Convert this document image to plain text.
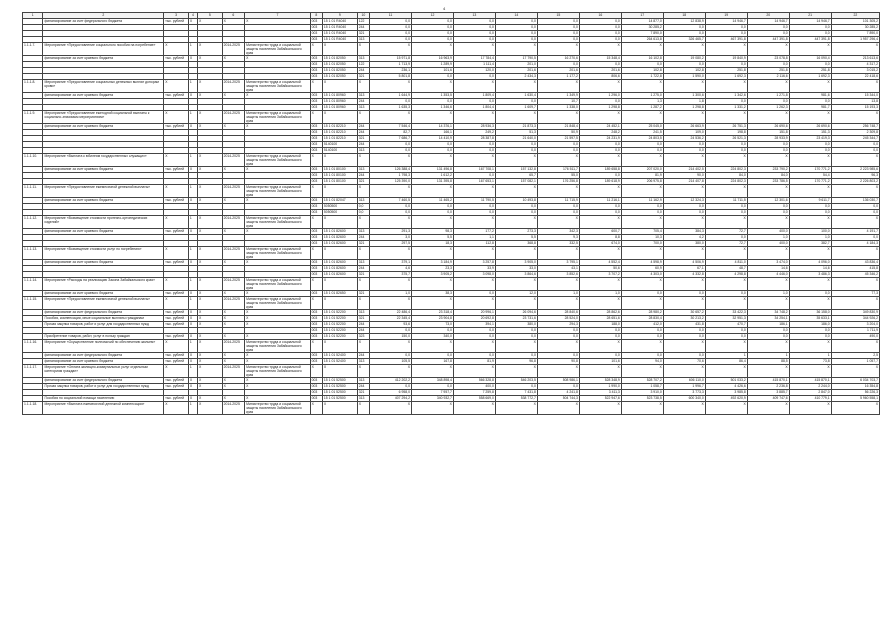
4
1	2	3	4	5	6	7	8	9	10	11	12	13	14	15	16	17	18	19	20	21	22
	финансирование за счет федерального бюджета	тыс. рублей	X	X	X	X	003	15 1 01 R4040	122	0,0	0,0	0,0	0,0	0,0	0,0	14 877,0	12 838,9	14 946,7	14 946,7	14 946,7	101 305,2
							003	15 1 01 R4040	244	0,0	0,0	0,0	0,0	0,0	0,0	30 285,2	0,0	0,0	0,0	0,0	30 285,2
							003	15 1 01 R4040	321	0,0	0,0	0,0	0,0	0,0	0,0	7 890,0	0,0	0,0	0,0	0,0	7 890,0
							003	15 1 01 R4040	313	0,0	0,0	0,0	0,0	0,0	0,0	264 613,8	326 465,7	467 391,8	447 391,8	447 391,8	1 957 296,4
1.1.1.7.	Мероприятие «Предоставление социального пособия на погребение»	X	1	X	2014-2025	Министерство труда и социальной защиты населения Забайкальского края	X	X	X	X	X	X	X	X	X	X	X	X	X	X	X
	финансирование за счет краевого бюджета	тыс. рублей	X	X	X	X	003	15 1 01 82050	313	15 971,8	16 963,9	17 784,4	17 790,5	16 270,6	15 348,4	16 102,8	19 080,2	19 840,9	23 078,8	16 090,4	213 613,6
							003	15 1 01 82050	122	1 713,9	1 289,9	1 111,4	201,0	0,0	0,0	0,0	0,0	0,0	0,0	0,0	4 317,2
							003	15 1 01 82050	244	236,1	101,6	120,0	201,6	201,6	201,6	102,8	102,8	251,8	251,8	251,8	3 015,2
							003	15 1 01 82050	321	5 801,8	0,0	0,0	2 434,3	1 177,2	806,6	1 722,8	1 590,0	1 692,3	2 116,6	1 692,3	22 418,6
1.1.1.8.	Мероприятие «Предоставление социальных денежных выплат донорам крови»	X	1	X	2014-2025	Министерство труда и социальной защиты населения Забайкальского края	X	X	X	X	X	X	X	X	X	X	X	X	X	X	X
	финансирование за счет краевого бюджета	тыс. рублей	X	X	X	X	003	15 1 01 80960	313	1 644,9	1 353,5	1 809,4	1 630,4	1 349,9	1 296,0	1 275,0	1 300,6	1 342,6	1 271,8	981,6	15 344,0
							003	15 1 01 80960	244	0,0	0,0	0,0	0,0	10,7	0,0	1,3	1,8	0,0	0,0	0,0	13,8
							003	15 1 01 80960	313	1 635,3	1 346,6	1 804,4	1 609,7	1 338,0	1 298,8	1 287,2	1 298,8	1 331,2	1 262,3	981,7	15 193,3
1.1.1.9.	Мероприятие «Предоставление ежегодной социальной выплаты к социально-значимым мероприятиям»	X	1	X	2014-2025	Министерство труда и социальной защиты населения Забайкальского края	X	X	X	X	X	X	X	X	X	X	X	X	X	X	X
	финансирование за счет краевого бюджета	тыс. рублей	X	X	X	X	003	15 1 01 82210	244	7 546,4	14 376,1	28 936,3	21 873,3	21 848,4	24 452,1	25 045,0	26 663,9	26 751,3	26 690,6	26 690,6	256 748,7
							003	15 1 01 82210	244	82,7	166,1	249,2	51,3	50,9	248,2	241,5	109,0	198,8	151,8	151,3	2 309,8
							003	15 1 01 82210	321	7 686,7	14 410,9	28 387,8	21 640,0	21 597,5	24 231,9	24 803,5	24 536,2	26 521,3	28 933,9	23 419,3	245 344,7
							003	5140100	244	0,0	0,0	0,0	0,0	0,0	0,0	0,0	0,0	0,0	0,0	0,0	0,0
							003	5140100	313	0,0	0,0	0,0	0,0	0,0	0,0	0,0	0,0	0,0	0,0	0,0	0,0
1.1.1.10.	Мероприятие «Выплата к юбилеям государственных служащих»	X	1	X	2014-2025	Министерство труда и социальной защиты населения Забайкальского края	X	X	X	X	X	X	X	X	X	X	X	X	X	X	X
	финансирование за счет краевого бюджета	тыс. рублей	X	X	X	X	003	15 1 01 80100	313	126 388,4	131 496,8	167 708,1	157 132,8	176 511,7	189 658,8	207 020,0	214 402,5	224 802,3	233 790,2	170 771,2	2 223 985,6
							003	15 1 01 80100	244	1 798,3	1 612,2	0,0	65,7	55,0	0,0	81,9	90,0	84,0	84,0	54,4	96,3
							003	15 1 01 80100	321	125 390,0	131 395,8	167 653,1	157 082,1	176 256,8	189 618,9	206 975,8	214 407,8	224 802,3	233 786,5	170 771,2	2 226 803,2
1.1.1.11.	Мероприятие «Предоставление ежемесячной денежной выплаты»	X	1	X	2014-2025	Министерство труда и социальной защиты населения Забайкальского края	X	X	X	X	X	X	X	X	X	X	X	X	X	X	X
	финансирование за счет краевого бюджета	тыс. рублей	X	X	X	X	003	15 1 01 82047	313	7 460,5	11 465,2	11 790,5	10 493,8	11 715,9	11 216,1	11 162,9	12 324,3	11 711,5	12 301,6	9 611,7	136 030,7
							003	5050500	0,0	0,0	0,0	0,0	0,0	0,0	0,0	0,0	0,0	0,0	0,0	0,0	0,0
							003	5050500	0,0	0,0	0,0	0,0	0,0	0,0	0,0	0,0	0,0	0,0	0,0	0,0	0,0
1.1.1.12.	Мероприятие «Возмещение стоимости протезно-ортопедических изделий»	X	1	X	2014-2025	Министерство труда и социальной защиты населения Забайкальского края	X	X	X	X	X	X	X	X	X	X	X	X	X	X	X
	финансирование за счет краевого бюджета	тыс. рублей	X	X	X	X	003	15 1 01 82600	313	291,3	98,3	177,2	273,3	342,3	600,7	705,4	384,3	72,7	400,0	100,0	4 191,7
							003	15 1 01 82600	244	3,0	5,5	1,1	5,5	9,3	8,8	10,3	4,2	0,0	1,0	1,0	0,0
							003	15 1 01 82600	321	297,5	18,3	112,8	368,8	332,5	674,0	700,0	380,0	72,7	400,0	382,7	4 184,3
1.1.1.13.	Мероприятие «Возмещение стоимости услуг по погребению»	X	1	X	2014-2025	Министерство труда и социальной защиты населения Забайкальского края	X	X	X	X	X	X	X	X	X	X	X	X	X	X	X
	финансирование за счет краевого бюджета	тыс. рублей	X	X	X	X	003	15 1 01 82600	313	379,1	3 184,9	3 257,8	3 905,0	3 795,1	4 552,4	4 598,9	4 506,9	4 811,0	3 474,0	4 096,0	43 836,4
							003	15 1 01 82600	244	4,6	23,3	33,9	33,0	43,1	50,6	60,9	67,1	48,7	14,6	14,6	415,8
							003	15 1 01 82600	321	375,7	3 905,2	3 098,0	3 864,6	3 852,6	3 707,2	4 303,0	4 332,8	4 298,8	4 446,0	3 486,3	45 346,2
1.1.1.14.	Мероприятие «Расходы на реализацию Закона Забайкальского края»	X	1	X	2014-2025	Министерство труда и социальной защиты населения Забайкальского края	X	X	X	X	X	X	X	X	X	X	X	X	X	X	X
	финансирование за счет краевого бюджета	тыс. рублей	X	X	X	X	003	15 1 01 82650	321	1,0	38,3	0,0	12,0	1,0	1,0	0,0	0,0	0,0	1,0	0,0	77,3
1.1.1.15.	Мероприятие «Предоставление ежемесячной денежной выплаты»	X	1	X	2014-2025	Министерство труда и социальной защиты населения Забайкальского края	X	X	X	X	X	X	X	X	X	X	X	X	X	X	X
	финансирование за счет федерального бюджета	тыс. рублей	X	X	X	X	003	15 1 01 52200	313	22 486,4	23 318,4	20 996,1	26 094,6	28 840,6	28 862,6	28 980,2	30 657,2	33 422,3	34 748,2	36 158,0	349 830,9
	Пособия, компенсации, иные социальные выплаты гражданам	тыс. рублей	X	X	X	X	003	15 1 01 52200	321	22 345,4	23 904,8	20 692,8	23 731,6	28 524,0	28 651,6	28 830,4	30 213,2	32 951,3	34 254,1	35 633,1	344 926,2
	Прочая закупка товаров, работ и услуг для государственных нужд	тыс. рублей	X	X	X	X	003	15 1 01 52200	244	93,6	73,0	394,1	380,0	294,3	188,0	412,0	431,8	470,7	186,1	186,0	3 204,0
							003	15 1 01 52200	244	0,0	0,0	0,0	0,0	0,0	0,0	0,0	0,0	0,0	0,0	0,0	1 711,9
	Приобретение товаров, работ, услуг в пользу граждан	тыс. рублей	X	X	X	X	003	15 1 01 52200	323	150,0	340,0	0,0	0,0	0,0	0,0	0,0	0,0	0,0	0,0	0,0	490,0
1.1.1.16.	Мероприятие «Осуществление полномочий по обеспечению жильем»	X	1	X	2014-2025	Министерство труда и социальной защиты населения Забайкальского края	X	X	X	X	X	X	X	X	X	X	X	X	X	X	X
	финансирование за счет федерального бюджета	тыс. рублей	X	X	X	X	003	15 1 01 52400	244	0,0	0,0	0,0	0,0	0,0	0,0	0,0	0,0	1	1	1	2,5
	финансирование за счет краевого бюджета	тыс. рублей	X	X	X	X	003	15 1 01 52400	313	105,5	167,8	81,9	96,8	90,8	101,6	94,0	70,6	86,4	88,5	73,8	1 057,7
1.1.1.17.	Мероприятие «Оплата жилищно-коммунальных услуг отдельным категориям граждан»	X	1	X	2014-2025	Министерство труда и социальной защиты населения Забайкальского края	X	X	X	X	X	X	X	X	X	X	X	X	X	X	X
	финансирование за счет федерального бюджета	тыс. рублей	X	X	X	X	003	15 1 01 52500	313	412 202,2	348 898,4	566 328,8	546 203,5	508 986,1	528 348,9	528 707,2	606 110,0	501 033,2	415 870,1	415 870,1	6 034 703,7
	Прочая закупка товаров, работ и услуг для государственных нужд	тыс. рублей	X	X	X	X	003	15 1 01 52500	244	0,0	0,0	400,0	0,0	0,0	1 990,0	1 058,7	1 996,7	4 426,6	2 236,8	2 244,0	16 354,8
							003	15 1 01 52500	321	6 958,0	7 957,7	7 259,8	7 431,8	4 241,8	3 411,3	3 910,0	3 773,3	3 985,8	3 885,7	2 847,0	56 226,3
	Пособия по социальной помощи населению	тыс. рублей	X	X	X	X	003	15 1 01 52500	313	407 294,2	340 932,7	558 669,0	538 772,7	504 744,3	522 947,6	523 738,5	600 340,0	492 620,9	409 747,6	410 779,1	5 960 558,1
1.1.1.18.	Мероприятие «Выплата ежемесячной денежной компенсации»	X	1	X	2014-2025	Министерство труда и социальной защиты населения Забайкальского края	X	X	X	X	X	X	X	X	X	X	X	X	X	X	X
